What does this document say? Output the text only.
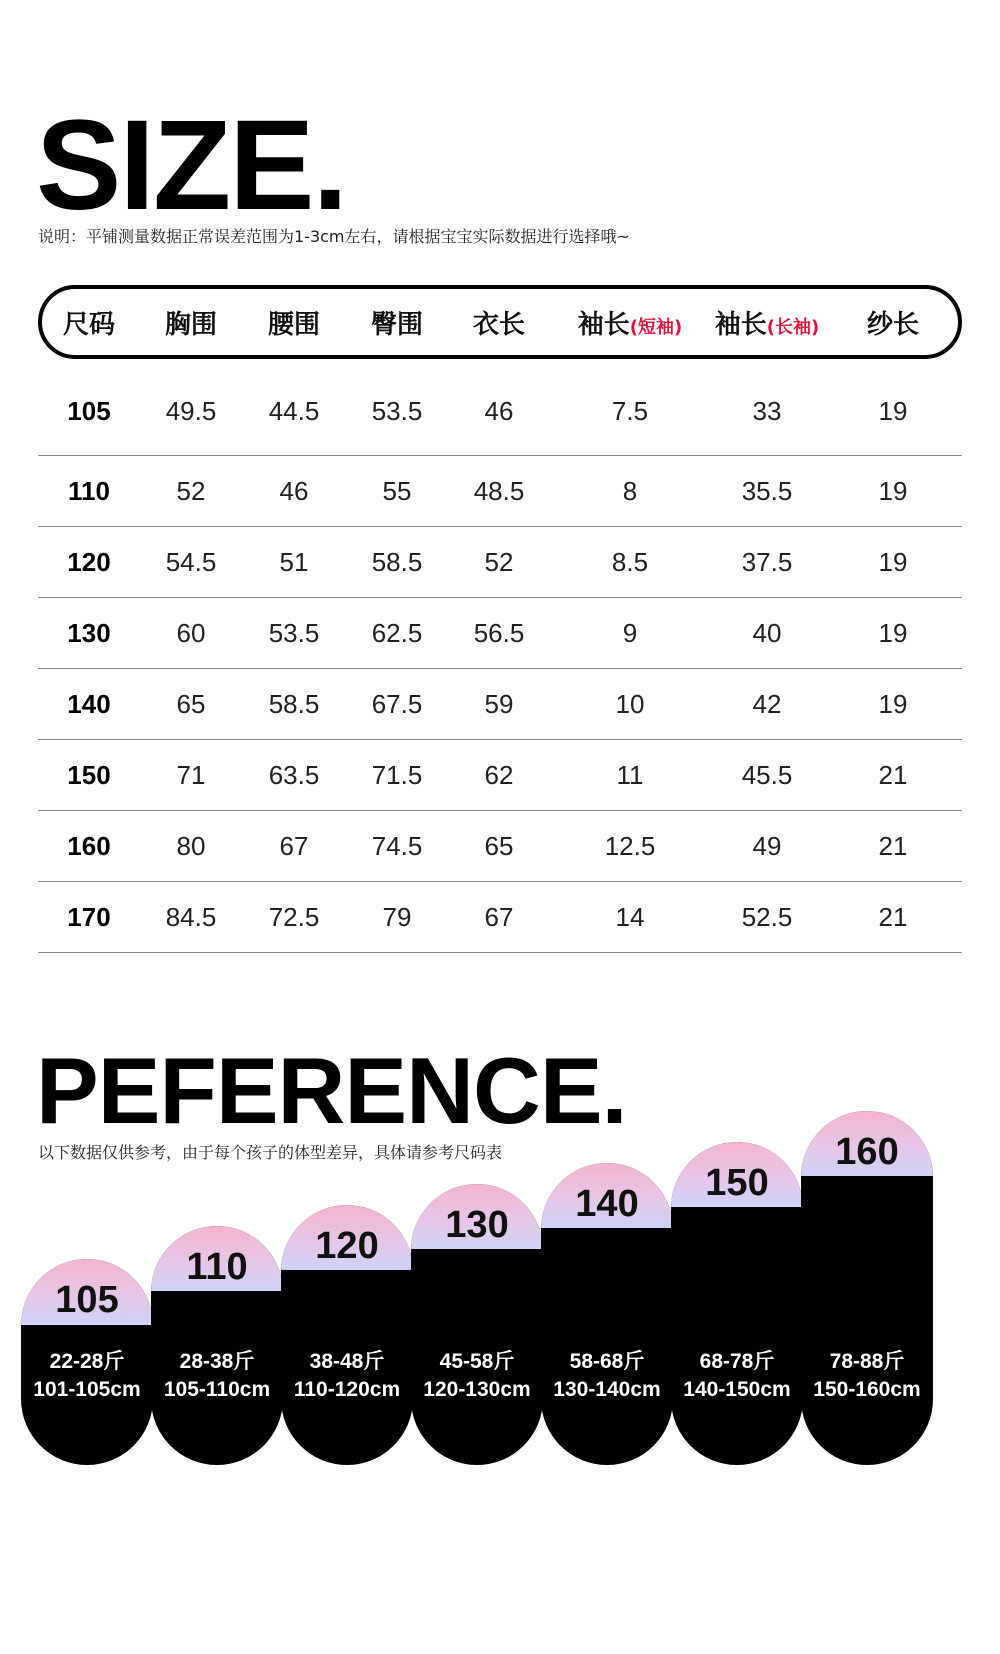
SIZE.

说明：平铺测量数据正常误差范围为1-3cm左右，请根据宝宝实际数据进行选择哦~

尺码	胸围	腰围	臀围	衣长	袖长(短袖)	袖长(长袖)	纱长
105	49.5	44.5	53.5	46	7.5	33	19
110	52	46	55	48.5	8	35.5	19
120	54.5	51	58.5	52	8.5	37.5	19
130	60	53.5	62.5	56.5	9	40	19
140	65	58.5	67.5	59	10	42	19
150	71	63.5	71.5	62	11	45.5	21
160	80	67	74.5	65	12.5	49	21
170	84.5	72.5	79	67	14	52.5	21
PEFERENCE.

以下数据仅供参考，由于每个孩子的体型差异，具体请参考尺码表

105
22-28斤
101-105cm
110
28-38斤
105-110cm
120
38-48斤
110-120cm
130
45-58斤
120-130cm
140
58-68斤
130-140cm
150
68-78斤
140-150cm
160
78-88斤
150-160cm
